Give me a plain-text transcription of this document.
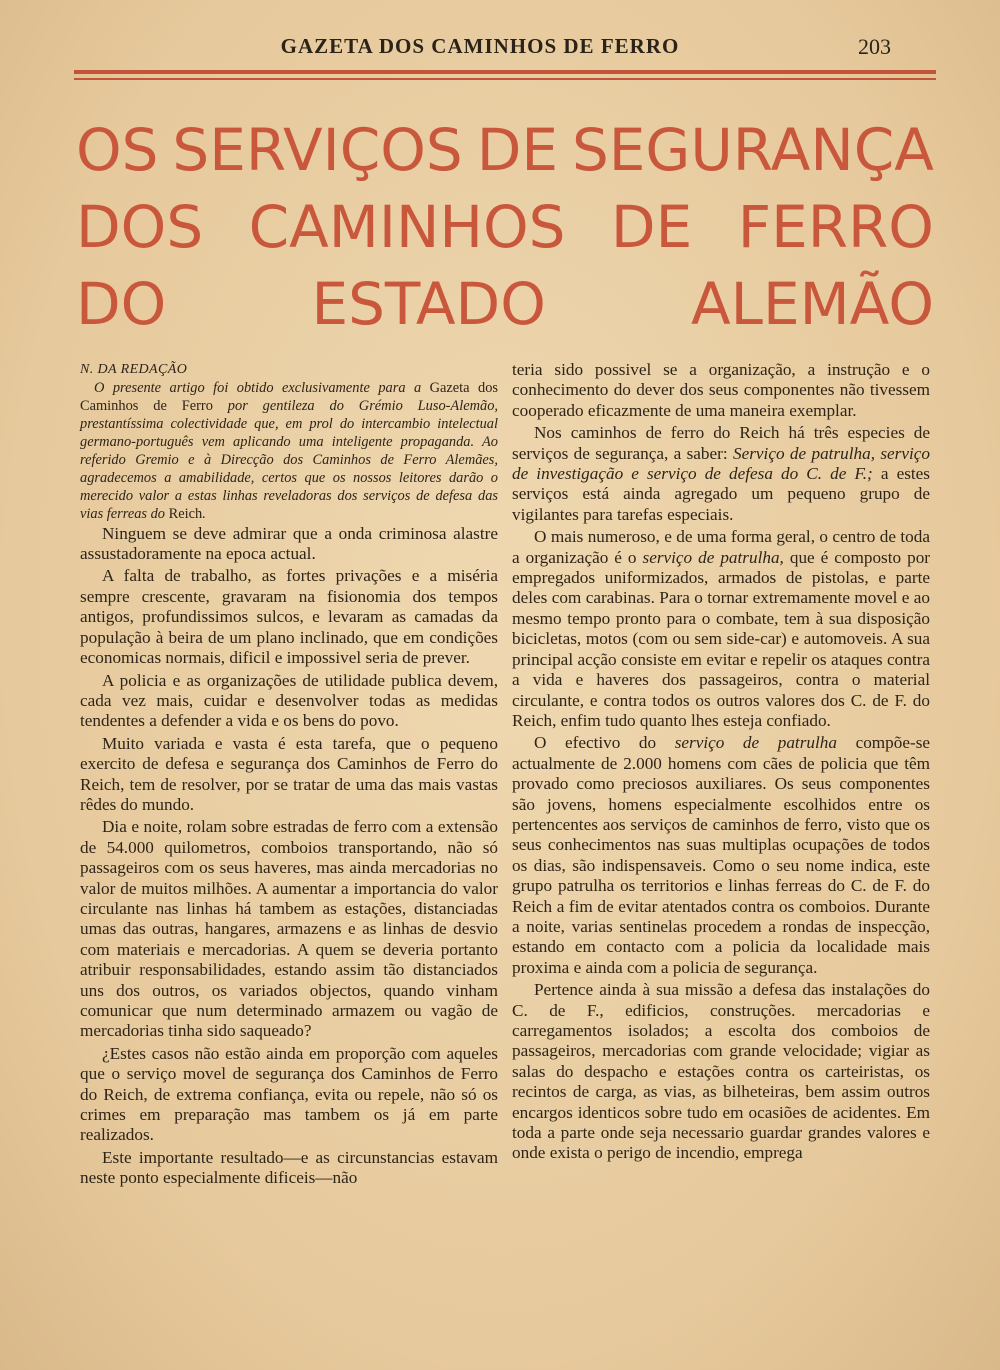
GAZETA DOS CAMINHOS DE FERRO	203
OS SERVIÇOS DE SEGURANÇA
DOS CAMINHOS DE FERRO
DO	ESTADO	ALEMÃO

N. DA REDAÇÃO

O presente artigo foi obtido exclusivamente para a Gazeta dos Caminhos de Ferro por gentileza do Grémio Luso-Alemão, prestantíssima colectividade que, em prol do intercambio intelectual germano-português vem aplicando uma inteligente propaganda. Ao referido Gremio e à Direcção dos Caminhos de Ferro Alemães, agradecemos a amabilidade, certos que os nossos leitores darão o merecido valor a estas linhas reveladoras dos serviços de defesa das vias ferreas do Reich.

Ninguem se deve admirar que a onda criminosa alastre assustadoramente na epoca actual.

A falta de trabalho, as fortes privações e a miséria sempre crescente, gravaram na fisionomia dos tempos antigos, profundissimos sulcos, e levaram as camadas da população à beira de um plano inclinado, que em condições economicas normais, dificil e impossivel seria de prever.

A policia e as organizações de utilidade publica devem, cada vez mais, cuidar e desenvolver todas as medidas tendentes a defender a vida e os bens do povo.

Muito variada e vasta é esta tarefa, que o pequeno exercito de defesa e segurança dos Caminhos de Ferro do Reich, tem de resolver, por se tratar de uma das mais vastas rêdes do mundo.

Dia e noite, rolam sobre estradas de ferro com a extensão de 54.000 quilometros, comboios transportando, não só passageiros com os seus haveres, mas ainda mercadorias no valor de muitos milhões. A aumentar a importancia do valor circulante nas linhas há tambem as estações, distanciadas umas das outras, hangares, armazens e as linhas de desvio com materiais e mercadorias. A quem se deveria portanto atribuir responsabilidades, estando assim tão distanciados uns dos outros, os variados objectos, quando vinham comunicar que num determinado armazem ou vagão de mercadorias tinha sido saqueado?

¿Estes casos não estão ainda em proporção com aqueles que o serviço movel de segurança dos Caminhos de Ferro do Reich, de extrema confiança, evita ou repele, não só os crimes em preparação mas tambem os já em parte realizados.

Este importante resultado—e as circunstancias estavam neste ponto especialmente dificeis—não

teria sido possivel se a organização, a instrução e o conhecimento do dever dos seus componentes não tivessem cooperado eficazmente de uma maneira exemplar.

Nos caminhos de ferro do Reich há três especies de serviços de segurança, a saber: Serviço de patrulha, serviço de investigação e serviço de defesa do C. de F.; a estes serviços está ainda agregado um pequeno grupo de vigilantes para tarefas especiais.

O mais numeroso, e de uma forma geral, o centro de toda a organização é o serviço de patrulha, que é composto por empregados uniformizados, armados de pistolas, e parte deles com carabinas. Para o tornar extremamente movel e ao mesmo tempo pronto para o combate, tem à sua disposição bicicletas, motos (com ou sem side-car) e automoveis. A sua principal acção consiste em evitar e repelir os ataques contra a vida e haveres dos passageiros, contra o material circulante, e contra todos os outros valores dos C. de F. do Reich, enfim tudo quanto lhes esteja confiado.

O efectivo do serviço de patrulha compõe-se actualmente de 2.000 homens com cães de policia que têm provado como preciosos auxiliares. Os seus componentes são jovens, homens especialmente escolhidos entre os pertencentes aos serviços de caminhos de ferro, visto que os seus conhecimentos nas suas multiplas ocupações de todos os dias, são indispensaveis. Como o seu nome indica, este grupo patrulha os territorios e linhas ferreas do C. de F. do Reich a fim de evitar atentados contra os comboios. Durante a noite, varias sentinelas procedem a rondas de inspecção, estando em contacto com a policia da localidade mais proxima e ainda com a policia de segurança.

Pertence ainda à sua missão a defesa das instalações do C. de F., edificios, construções. mercadorias e carregamentos isolados; a escolta dos comboios de passageiros, mercadorias com grande velocidade; vigiar as salas do despacho e estações contra os carteiristas, os recintos de carga, as vias, as bilheteiras, bem assim outros encargos identicos sobre tudo em ocasiões de acidentes. Em toda a parte onde seja necessario guardar grandes valores e onde exista o perigo de incendio, emprega
